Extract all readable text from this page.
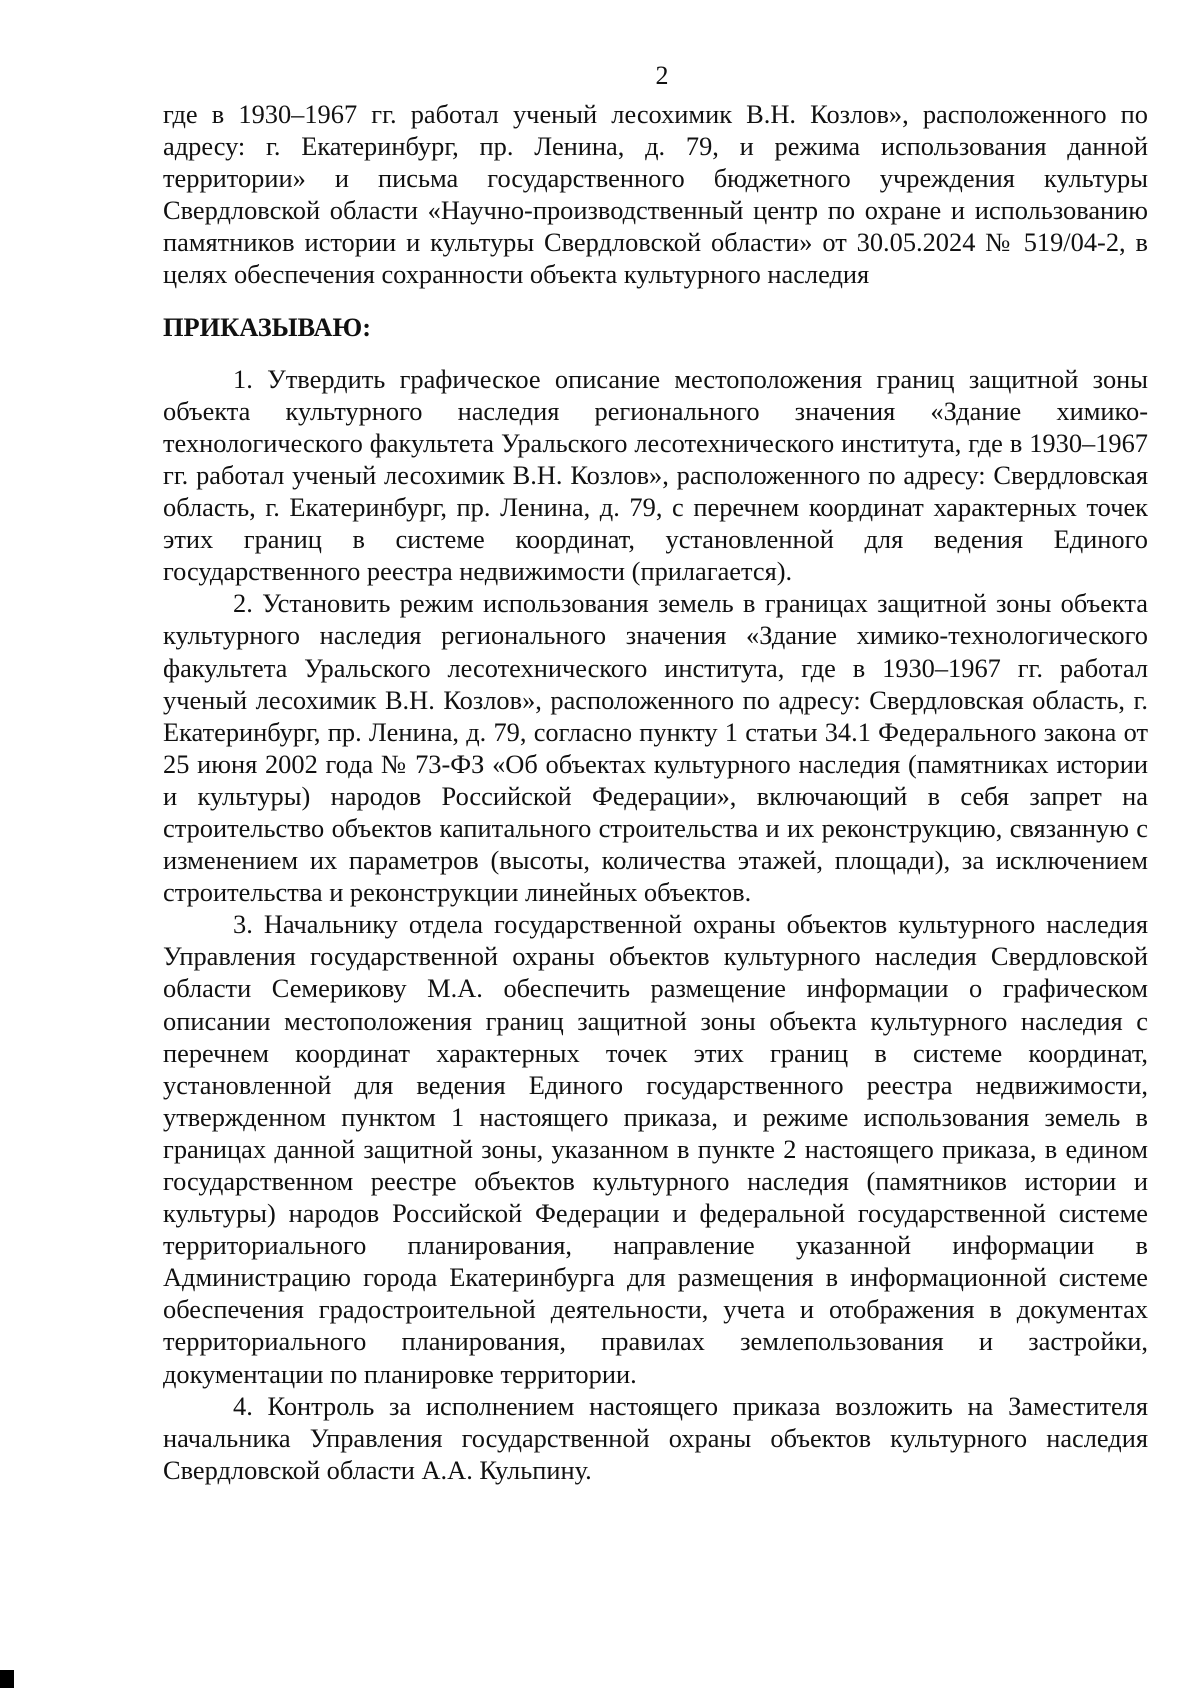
2

где в 1930–1967 гг. работал ученый лесохимик В.Н. Козлов», расположенного по адресу: г. Екатеринбург, пр. Ленина, д. 79, и режима использования данной территории» и письма государственного бюджетного учреждения культуры Свердловской области «Научно-производственный центр по охране и использованию памятников истории и культуры Свердловской области» от 30.05.2024 № 519/04-2, в целях обеспечения сохранности объекта культурного наследия

ПРИКАЗЫВАЮ:

1. Утвердить графическое описание местоположения границ защитной зоны объекта культурного наследия регионального значения «Здание химико-технологического факультета Уральского лесотехнического института, где в 1930–1967 гг. работал ученый лесохимик В.Н. Козлов», расположенного по адресу: Свердловская область, г. Екатеринбург, пр. Ленина, д. 79, с перечнем координат характерных точек этих границ в системе координат, установленной для ведения Единого государственного реестра недвижимости (прилагается).

2. Установить режим использования земель в границах защитной зоны объекта культурного наследия регионального значения «Здание химико-технологического факультета Уральского лесотехнического института, где в 1930–1967 гг. работал ученый лесохимик В.Н. Козлов», расположенного по адресу: Свердловская область, г. Екатеринбург, пр. Ленина, д. 79, согласно пункту 1 статьи 34.1 Федерального закона от 25 июня 2002 года № 73-ФЗ «Об объектах культурного наследия (памятниках истории и культуры) народов Российской Федерации», включающий в себя запрет на строительство объектов капитального строительства и их реконструкцию, связанную с изменением их параметров (высоты, количества этажей, площади), за исключением строительства и реконструкции линейных объектов.

3. Начальнику отдела государственной охраны объектов культурного наследия Управления государственной охраны объектов культурного наследия Свердловской области Семерикову М.А. обеспечить размещение информации о графическом описании местоположения границ защитной зоны объекта культурного наследия с перечнем координат характерных точек этих границ в системе координат, установленной для ведения Единого государственного реестра недвижимости, утвержденном пунктом 1 настоящего приказа, и режиме использования земель в границах данной защитной зоны, указанном в пункте 2 настоящего приказа, в едином государственном реестре объектов культурного наследия (памятников истории и культуры) народов Российской Федерации и федеральной государственной системе территориального планирования, направление указанной информации в Администрацию города Екатеринбурга для размещения в информационной системе обеспечения градостроительной деятельности, учета и отображения в документах территориального планирования, правилах землепользования и застройки, документации по планировке территории.

4. Контроль за исполнением настоящего приказа возложить на Заместителя начальника Управления государственной охраны объектов культурного наследия Свердловской области А.А. Кульпину.
